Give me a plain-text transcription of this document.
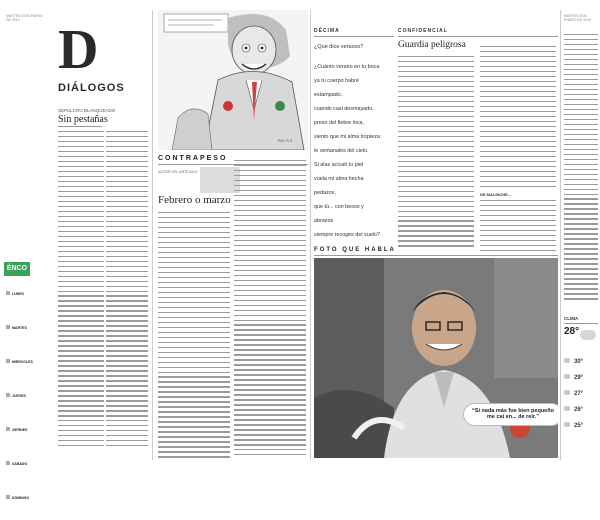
MARTES 8 DE ENERO DE 2019 D
DIÁLOGOS
SEPULCRO BLANQUEADO
Sin pestañas
ÉNCO
LUNES
MARTES
MIÉRCOLES
JUEVES
VIERNES
SÁBADO
DOMINGO
Perr A.A.
CONTRAPESO
AUTOR DEL ARTÍCULO
Febrero o marzo
DÉCIMA
¿Qué dice veraces?
¿Cuánto verano en tu boca
ya tu cuerpo habré
estampado,
cuando casi desmayado,
preso del fiebre loca,
siento que mi alma tropieza
le ventanales del cielo.
Si alas acicatí tu piel
vuela mi alma hecha
pedazos,
que tú... con besos y
abrazos
siempre recoges del suelo?
CONFIDENCIAL
Guardia peligrosa
DE MALINCHE...
FOTO QUE HABLA
“Si nada más fue bien pequeño me caí en... de reír.”
MARTES 8 DE ENERO DE 2019
CLIMA
28°
30°
29°
27°
26°
25°
